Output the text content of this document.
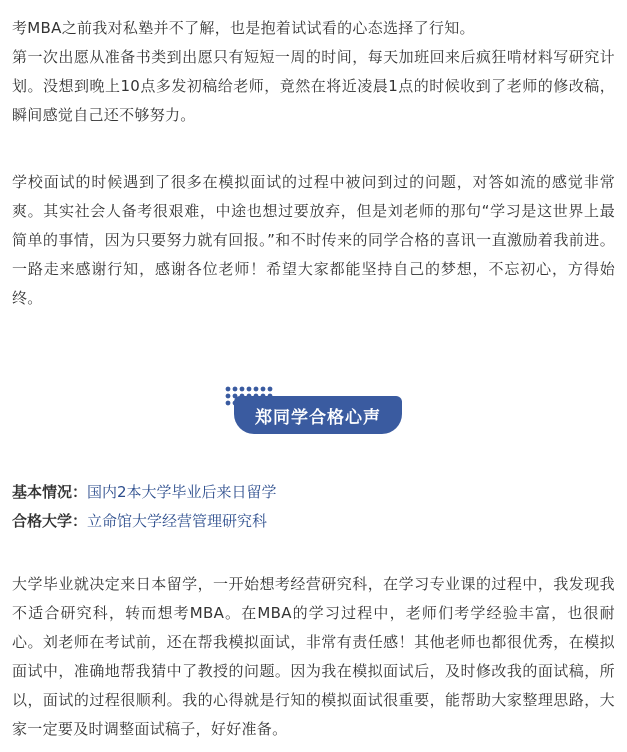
考MBA之前我对私塾并不了解，也是抱着试试看的心态选择了行知。
第一次出愿从准备书类到出愿只有短短一周的时间，每天加班回来后疯狂啃材料写研究计划。没想到晚上10点多发初稿给老师，竟然在将近凌晨1点的时候收到了老师的修改稿，瞬间感觉自己还不够努力。

学校面试的时候遇到了很多在模拟面试的过程中被问到过的问题，对答如流的感觉非常爽。其实社会人备考很艰难，中途也想过要放弃，但是刘老师的那句“学习是这世界上最简单的事情，因为只要努力就有回报。”和不时传来的同学合格的喜讯一直激励着我前进。一路走来感谢行知，感谢各位老师！希望大家都能坚持自己的梦想，不忘初心，方得始终。

郑同学合格心声

基本情况：国内2本大学毕业后来日留学

合格大学：立命馆大学经营管理研究科

大学毕业就决定来日本留学，一开始想考经营研究科，在学习专业课的过程中，我发现我不适合研究科，转而想考MBA。在MBA的学习过程中，老师们考学经验丰富，也很耐心。刘老师在考试前，还在帮我模拟面试，非常有责任感！其他老师也都很优秀，在模拟面试中，准确地帮我猜中了教授的问题。因为我在模拟面试后，及时修改我的面试稿，所以，面试的过程很顺利。我的心得就是行知的模拟面试很重要，能帮助大家整理思路，大家一定要及时调整面试稿子，好好准备。
